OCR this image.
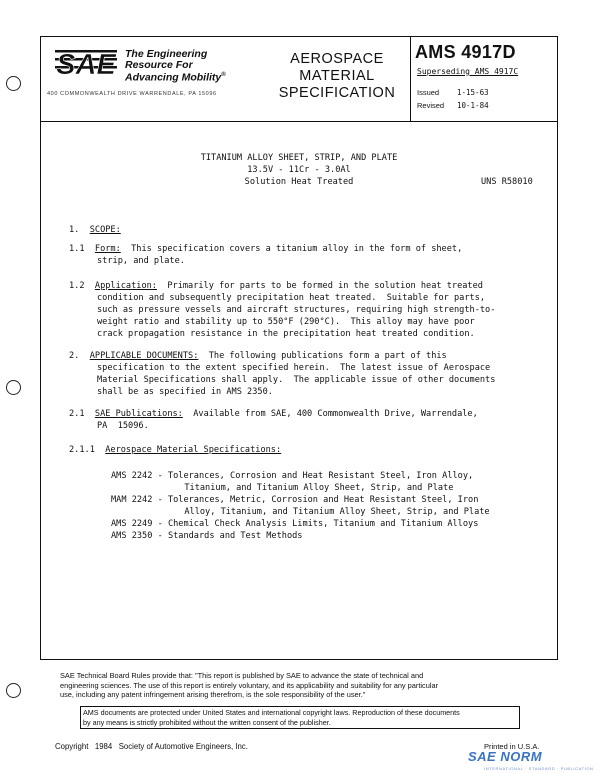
SAE The Engineering
Resource For
Advancing Mobility®
400 COMMONWEALTH DRIVE WARRENDALE, PA 15096
AEROSPACE
MATERIAL
SPECIFICATION
AMS 4917D
Superseding AMS 4917C
Issued 1-15-63
Revised 10-1-84
TITANIUM ALLOY SHEET, STRIP, AND PLATE
13.5V - 11Cr - 3.0Al
Solution Heat Treated	UNS R58010
1. SCOPE:
1.1 Form: This specification covers a titanium alloy in the form of sheet,
strip, and plate.
1.2 Application: Primarily for parts to be formed in the solution heat treated
condition and subsequently precipitation heat treated.  Suitable for parts,
such as pressure vessels and aircraft structures, requiring high strength-to-
weight ratio and stability up to 550°F (290°C).  This alloy may have poor
crack propagation resistance in the precipitation heat treated condition.
2. APPLICABLE DOCUMENTS: The following publications form a part of this
specification to the extent specified herein.  The latest issue of Aerospace
Material Specifications shall apply.  The applicable issue of other documents
shall be as specified in AMS 2350.
2.1 SAE Publications: Available from SAE, 400 Commonwealth Drive, Warrendale,
PA  15096.
2.1.1 Aerospace Material Specifications:
AMS 2242 - Tolerances, Corrosion and Heat Resistant Steel, Iron Alloy,
Titanium, and Titanium Alloy Sheet, Strip, and Plate
MAM 2242 - Tolerances, Metric, Corrosion and Heat Resistant Steel, Iron
Alloy, Titanium, and Titanium Alloy Sheet, Strip, and Plate
AMS 2249 - Chemical Check Analysis Limits, Titanium and Titanium Alloys
AMS 2350 - Standards and Test Methods
SAE Technical Board Rules provide that: "This report is published by SAE to advance the state of technical and
engineering sciences. The use of this report is entirely voluntary, and its applicability and suitability for any particular
use, including any patent infringement arising therefrom, is the sole responsibility of the user."
AMS documents are protected under United States and international copyright laws. Reproduction of these documents
by any means is strictly prohibited without the written consent of the publisher.
Copyright   1984   Society of Automotive Engineers, Inc.	Printed in U.S.A.
SAE NORM
INTERNATIONAL · STANDARD · PUBLICATION
